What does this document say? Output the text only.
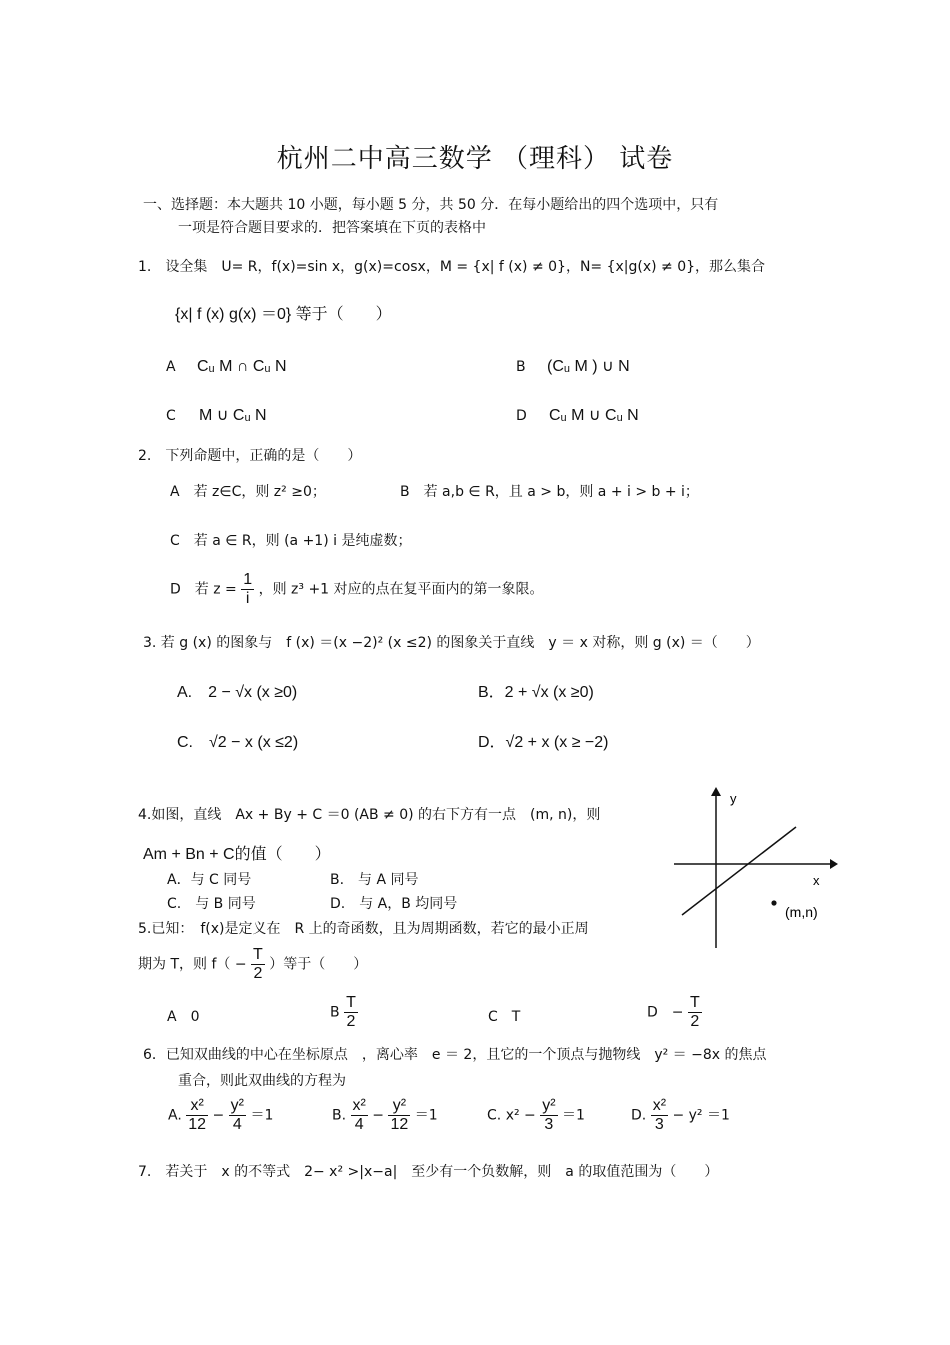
杭州二中高三数学 （理科） 试卷
一、选择题：本大题共 10 小题，每小题 5 分，共 50 分．在每小题给出的四个选项中，只有
一项是符合题目要求的．把答案填在下页的表格中
1.　设全集　U= R，f(x)=sin x，g(x)=cosx，M = {x| f (x) ≠ 0}，N= {x|g(x) ≠ 0}，那么集合
{x| f (x) g(x) ＝0} 等于（　　）
A Cᵤ M ∩ Cᵤ N	B (Cᵤ M ) ∪ N
C M ∪ Cᵤ N	D Cᵤ M ∪ Cᵤ N
2.　下列命题中，正确的是（　　）
A　若 z∈C，则 z² ≥0；	B　若 a,b ∈ R，且 a > b，则 a + i > b + i；
C　若 a ∈ R，则 (a +1) i 是纯虚数；
D　若 $z = \frac{1}{i}$ ，则 z³ +1 对应的点在复平面内的第一象限。
3. 若 g (x) 的图象与　f (x) ＝(x −2)² (x ≤2) 的图象关于直线　y ＝ x 对称，则 g (x) ＝（　　）
A.　2 − √x (x ≥0)	B．2 + √x (x ≥0)
C.　√2 − x (x ≤2)	D．√2 + x (x ≥ −2)
4.如图，直线　Ax + By + C ＝0 (AB ≠ 0) 的右下方有一点　(m, n)，则
Am + Bn + C的值（　　）
A．与 C 同号	B.　与 A 同号
C.　与 B 同号	D.　与 A，B 均同号
y
x
(m,n)
5.已知：　f(x)是定义在　R 上的奇函数，且为周期函数，若它的最小正周
期为 T，则 $f( - \frac{T}{2}$ ）等于（　　）
A　0	B $\frac{T}{2}$	C　T	D　− $\frac{T}{2}$
6．已知双曲线的中心在坐标原点　，离心率　e ＝ 2，且它的一个顶点与抛物线　y² ＝ −8x 的焦点
重合，则此双曲线的方程为
A. $\frac{\text{x²}}{12} - \frac{\text{y²}}{4} =1$	B. $\frac{\text{x²}}{4} - \frac{\text{y²}}{12} =1$	C. $x^2 - \frac{\text{y²}}{3} =1$	D. $\frac{\text{x²}}{3} - y^2 =1$
7.　若关于　x 的不等式　2− x² >|x−a|　至少有一个负数解，则　a 的取值范围为（　　）
